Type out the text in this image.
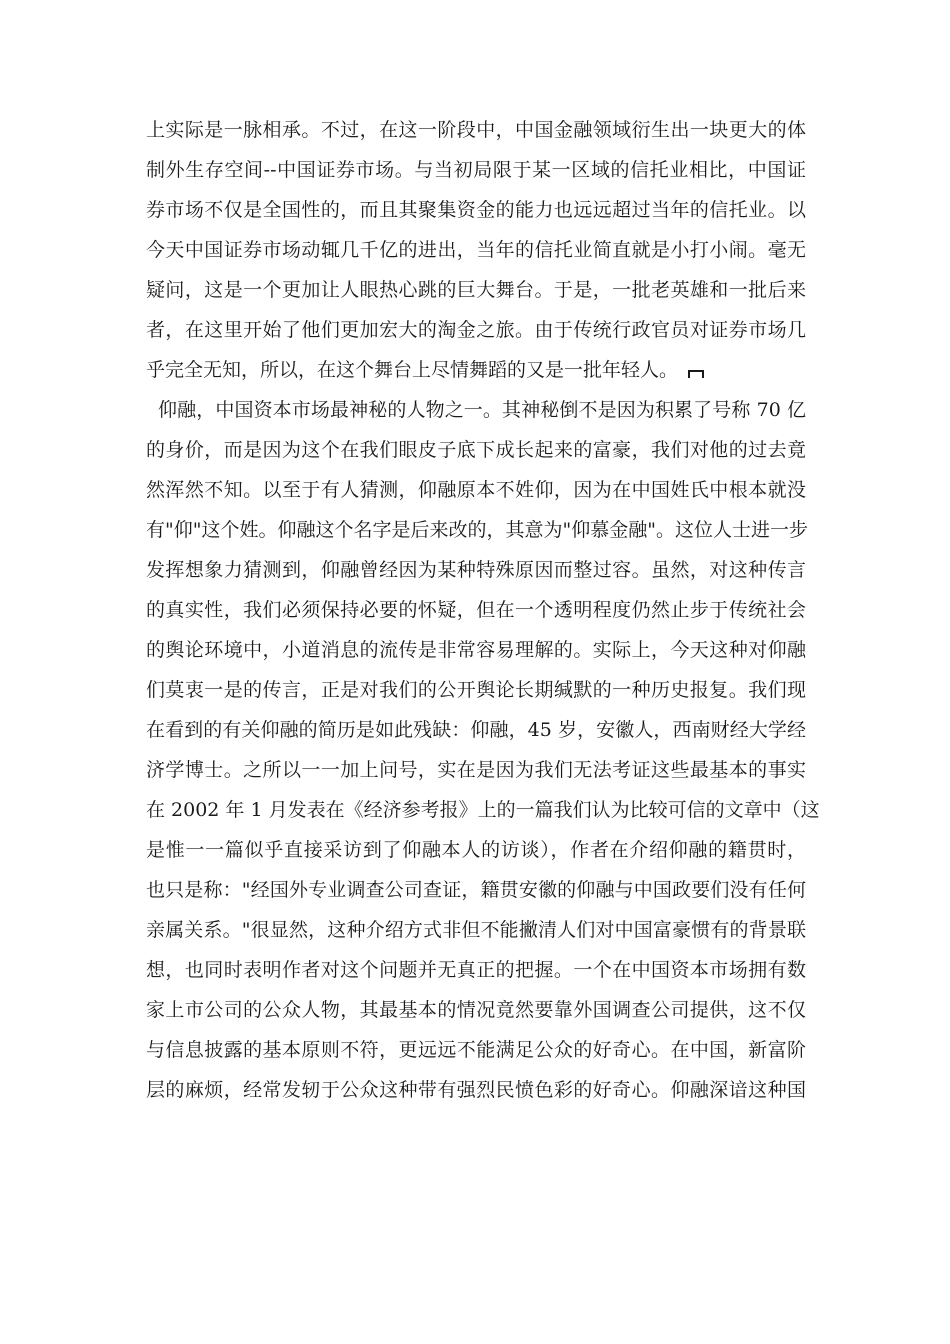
上实际是一脉相承。不过，在这一阶段中，中国金融领域衍生出一块更大的体
制外生存空间--中国证券市场。与当初局限于某一区域的信托业相比，中国证
券市场不仅是全国性的，而且其聚集资金的能力也远远超过当年的信托业。以
今天中国证券市场动辄几千亿的进出，当年的信托业简直就是小打小闹。毫无
疑问，这是一个更加让人眼热心跳的巨大舞台。于是，一批老英雄和一批后来
者，在这里开始了他们更加宏大的淘金之旅。由于传统行政官员对证券市场几
乎完全无知，所以，在这个舞台上尽情舞蹈的又是一批年轻人。
仰融，中国资本市场最神秘的人物之一。其神秘倒不是因为积累了号称 70 亿
的身价，而是因为这个在我们眼皮子底下成长起来的富豪，我们对他的过去竟
然浑然不知。以至于有人猜测，仰融原本不姓仰，因为在中国姓氏中根本就没
有"仰"这个姓。仰融这个名字是后来改的，其意为"仰慕金融"。这位人士进一步
发挥想象力猜测到，仰融曾经因为某种特殊原因而整过容。虽然，对这种传言
的真实性，我们必须保持必要的怀疑，但在一个透明程度仍然止步于传统社会
的舆论环境中，小道消息的流传是非常容易理解的。实际上，今天这种对仰融
们莫衷一是的传言，正是对我们的公开舆论长期缄默的一种历史报复。我们现
在看到的有关仰融的简历是如此残缺：仰融，45 岁，安徽人，西南财经大学经
济学博士。之所以一一加上问号，实在是因为我们无法考证这些最基本的事实
在 2002 年 1 月发表在《经济参考报》上的一篇我们认为比较可信的文章中（这
是惟一一篇似乎直接采访到了仰融本人的访谈），作者在介绍仰融的籍贯时，
也只是称："经国外专业调查公司查证，籍贯安徽的仰融与中国政要们没有任何
亲属关系。"很显然，这种介绍方式非但不能撇清人们对中国富豪惯有的背景联
想，也同时表明作者对这个问题并无真正的把握。一个在中国资本市场拥有数
家上市公司的公众人物，其最基本的情况竟然要靠外国调查公司提供，这不仅
与信息披露的基本原则不符，更远远不能满足公众的好奇心。在中国，新富阶
层的麻烦，经常发轫于公众这种带有强烈民愤色彩的好奇心。仰融深谙这种国
